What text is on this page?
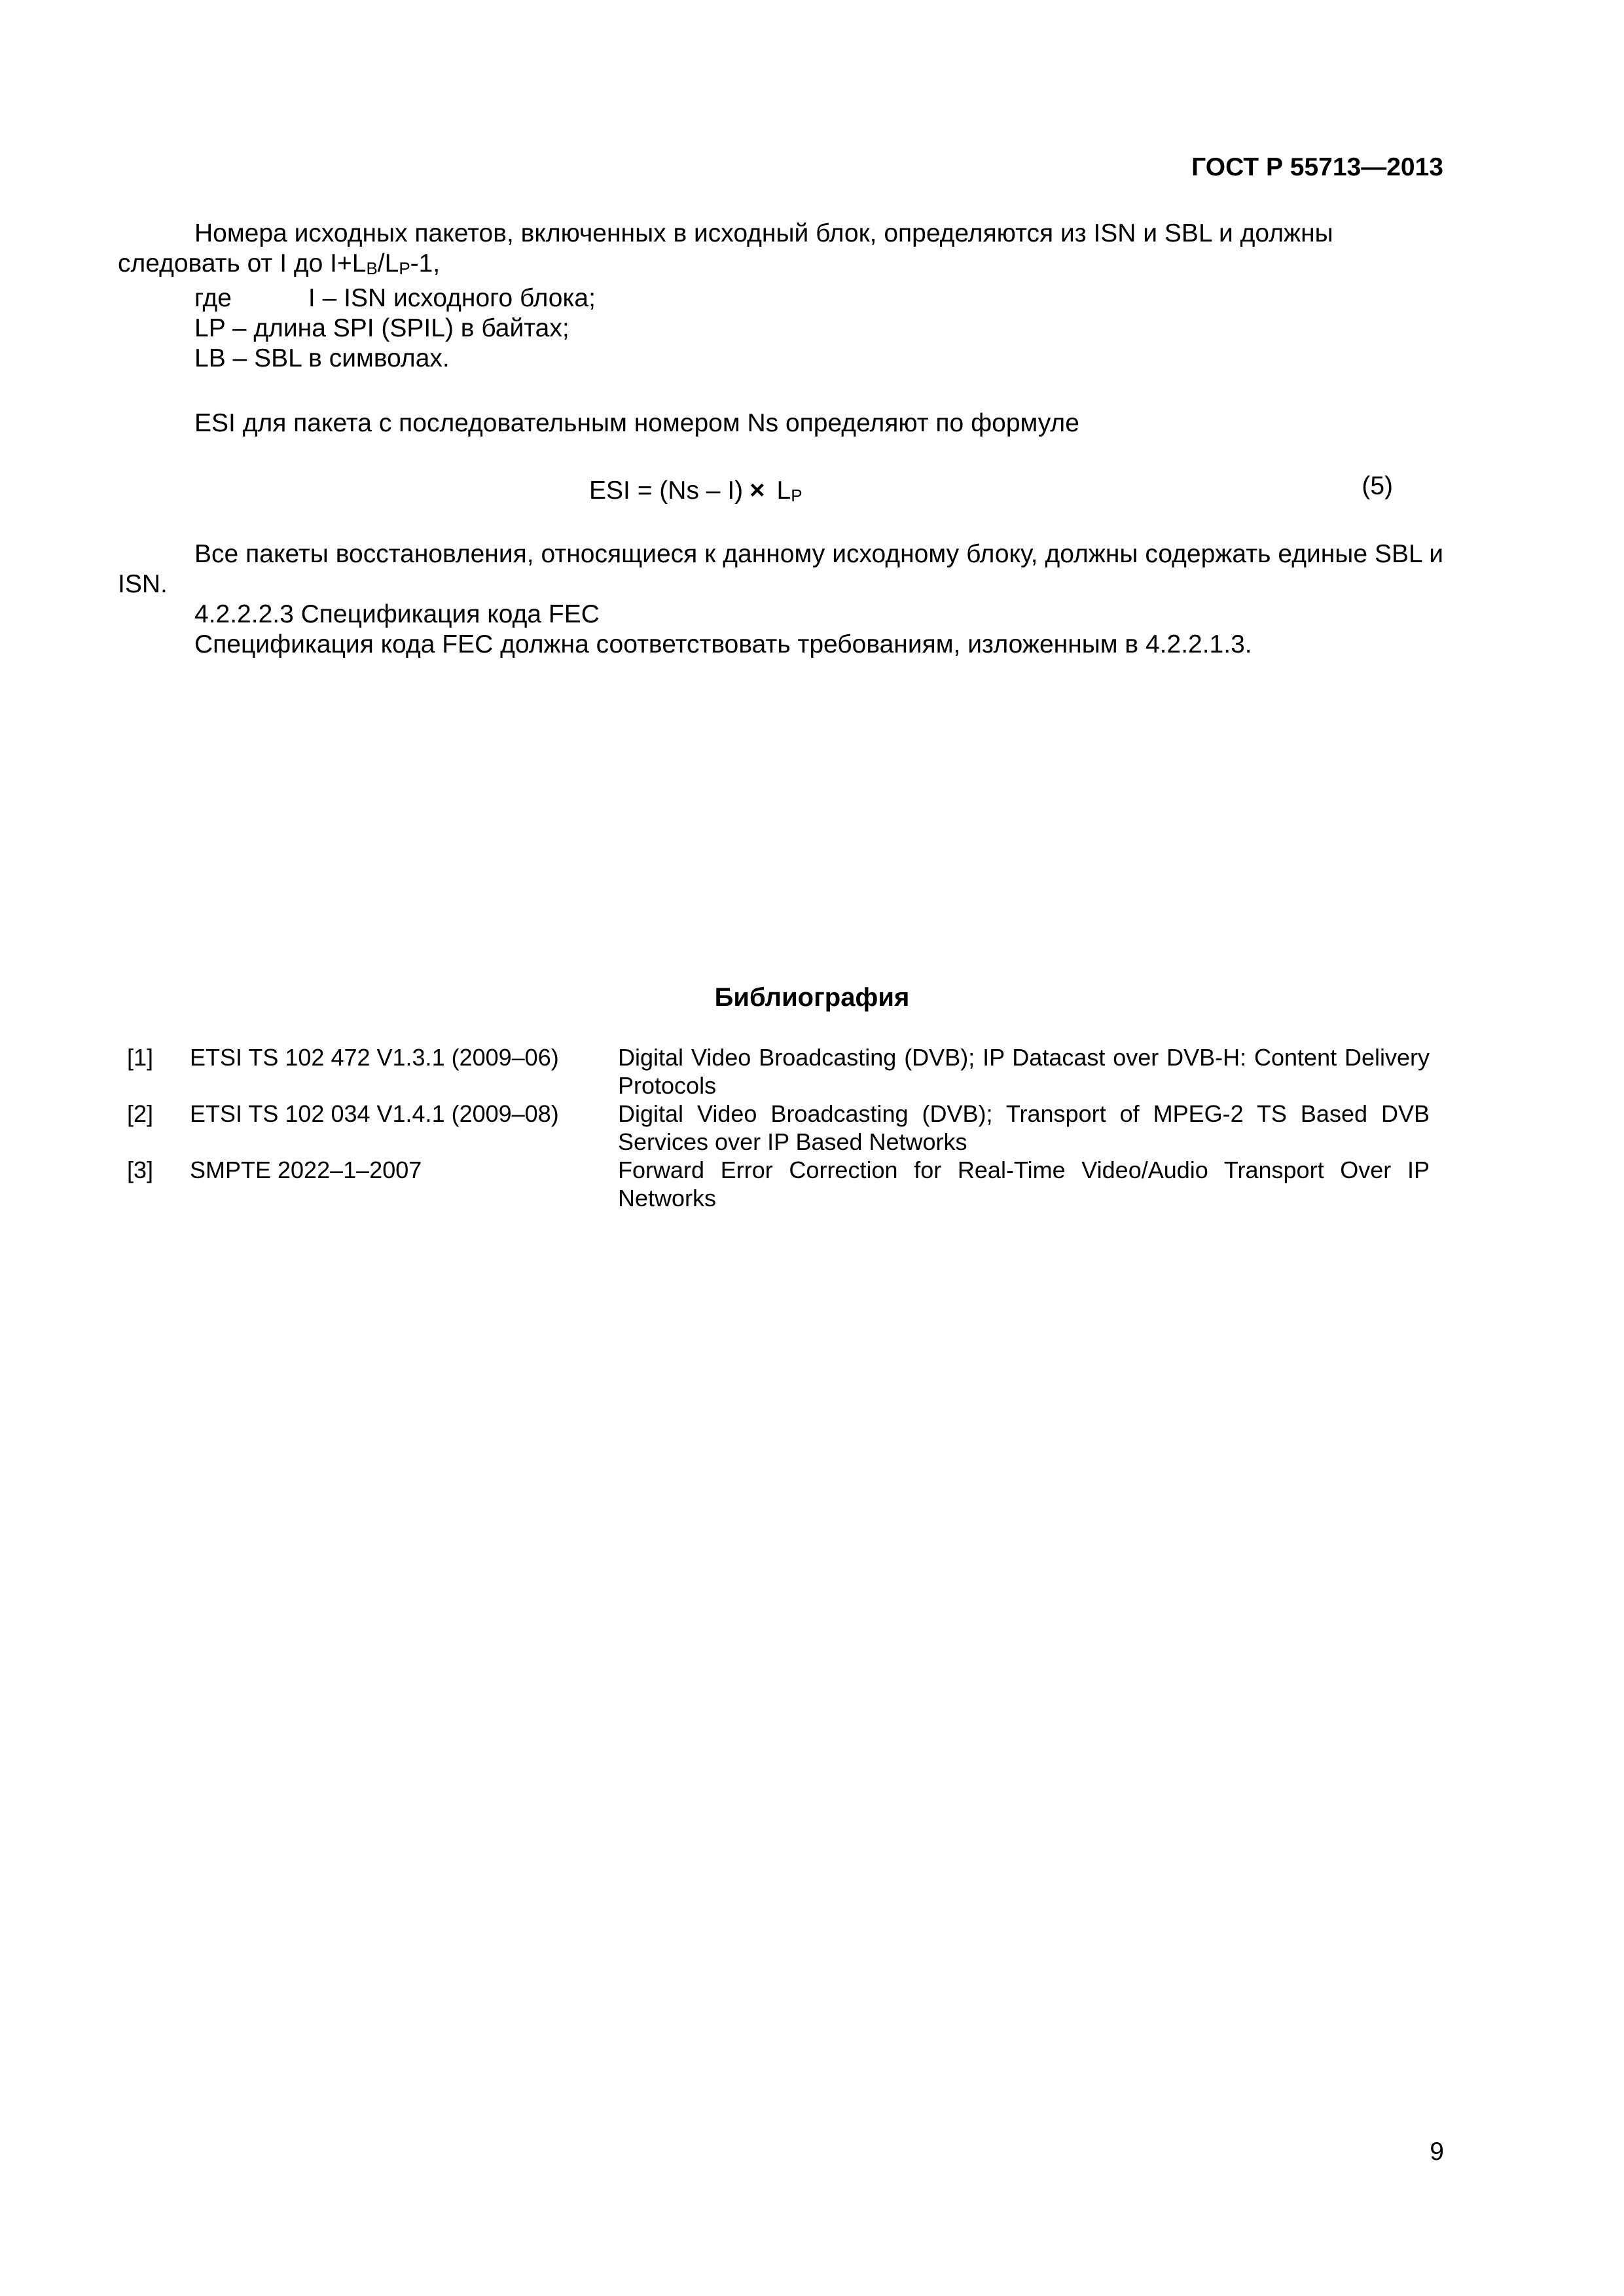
ГОСТ Р 55713—2013

Номера исходных пакетов, включенных в исходный блок, определяются из ISN и SBL и должны

следовать от I до I+LB/LP-1,

где	I – ISN исходного блока;

LP – длина SPI (SPIL) в байтах;

LB – SBL в символах.

ESI для пакета с последовательным номером Ns определяют по формуле

ESI = (Ns – I) × LP	(5)

Все пакеты восстановления, относящиеся к данному исходному блоку, должны содержать единые SBL и ISN.

4.2.2.2.3 Спецификация кода FEC

Спецификация кода FEC должна соответствовать требованиям, изложенным в 4.2.2.1.3.

Библиография
[1]	ETSI TS 102 472 V1.3.1 (2009–06)	Digital Video Broadcasting (DVB); IP Datacast over DVB-H: Content Delivery Protocols
[2]	ETSI TS 102 034 V1.4.1 (2009–08)	Digital Video Broadcasting (DVB); Transport of MPEG-2 TS Based DVB Services over IP Based Networks
[3]	SMPTE 2022–1–2007	Forward Error Correction for Real-Time Video/Audio Transport Over IP Networks
9
